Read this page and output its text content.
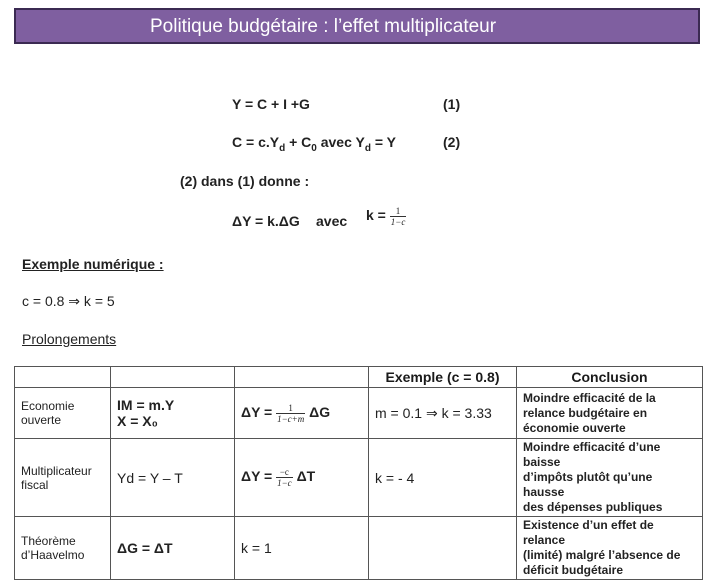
Politique budgétaire : l’effet multiplicateur
Y = C + I +G	(1)
$C = c.Y_d + C_0$ avec $Y_d = Y$	(2)
(2) dans (1) donne :
ΔY = k.ΔG avec $k = \frac{1}{1-c}$
Exemple numérique :
c = 0.8 ⇒ k = 5
Prolongements
			Exemple (c = 0.8)	Conclusion

Economie
ouverte	IM = m.Y
X = X₀	$\Delta Y = \frac{1}{1-c+m}$ ΔG	m = 0.1 ⇒ k = 3.33	Moindre efficacité de la
relance budgétaire en
économie ouverte

Multiplicateur
fiscal	Yd = Y – T	$\Delta Y = \frac{-c}{1-c}$ ΔT	k = - 4	Moindre efficacité d’une baisse
d’impôts plutôt qu’une hausse
des dépenses publiques

Théorème
d’Haavelmo	ΔG = ΔT	k = 1		Existence d’un effet de relance
(limité) malgré l’absence de
déficit budgétaire
